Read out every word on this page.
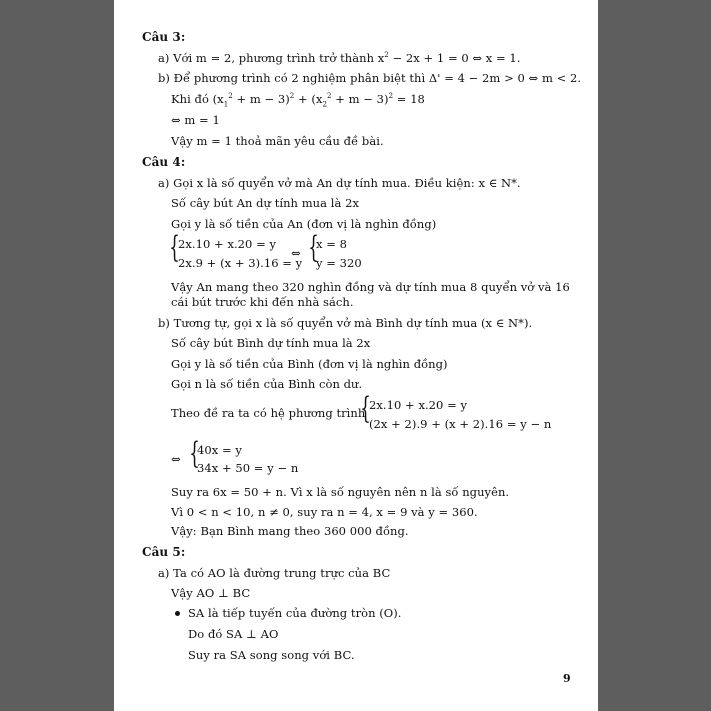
Câu 3:
a) Với m = 2, phương trình trở thành $x^2 - 2x + 1 = 0$ ⇔ x = 1.
b) Để phương trình có 2 nghiệm phân biệt thì Δ' = 4 − 2m > 0 ⇔ m < 2.
Khi đó $(x_1^2 + m - 3)^2 + (x_2^2 + m - 3)^2 = 18$
⇔ m = 1
Vậy m = 1 thoả mãn yêu cầu đề bài.
Câu 4:
a) Gọi x là số quyển vở mà An dự tính mua. Điều kiện: x ∈ N*.
Số cây bút An dự tính mua là 2x
Gọi y là số tiền của An (đơn vị là nghìn đồng)
{
2x.10 + x.20 = y
2x.9 + (x + 3).16 = y
⇔ {
x = 8
y = 320
Vậy An mang theo 320 nghìn đồng và dự tính mua 8 quyển vở và 16
cái bút trước khi đến nhà sách.
b) Tương tự, gọi x là số quyển vở mà Bình dự tính mua (x ∈ N*).
Số cây bút Bình dự tính mua là 2x
Gọi y là số tiền của Bình (đơn vị là nghìn đồng)
Gọi n là số tiền của Bình còn dư.
Theo đề ra ta có hệ phương trình
{
2x.10 + x.20 = y
(2x + 2).9 + (x + 2).16 = y − n
⇔ {
40x = y
34x + 50 = y − n
Suy ra 6x = 50 + n. Vì x là số nguyên nên n là số nguyên.
Vì 0 < n < 10, n ≠ 0, suy ra n = 4, x = 9 và y = 360.
Vậy: Bạn Bình mang theo 360 000 đồng.
Câu 5:
a) Ta có AO là đường trung trực của BC
Vậy AO ⊥ BC
SA là tiếp tuyến của đường tròn (O).
Do đó SA ⊥ AO
Suy ra SA song song với BC.
9
